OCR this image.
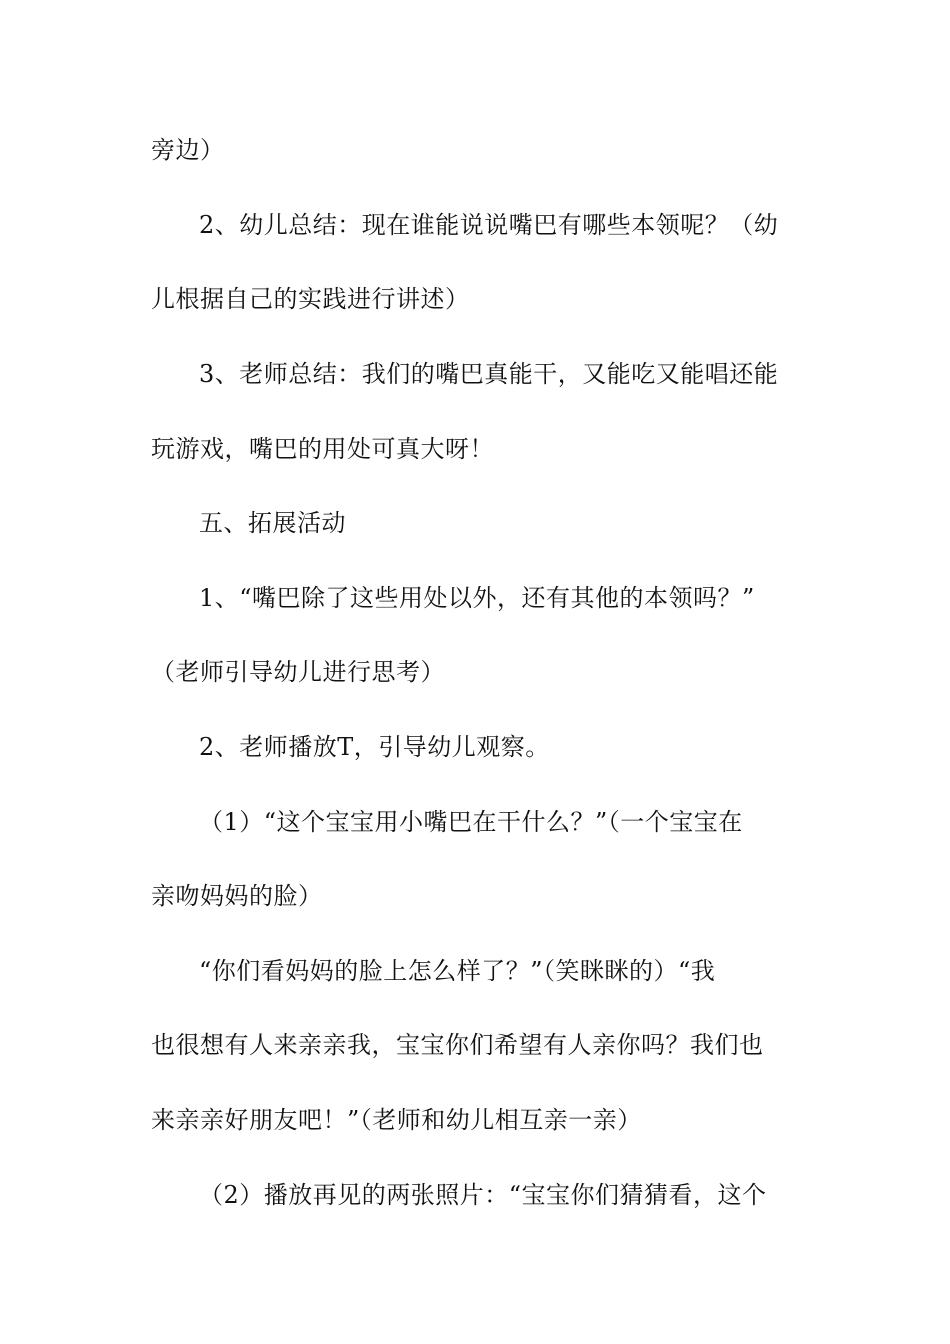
旁边）
2、幼儿总结：现在谁能说说嘴巴有哪些本领呢？（幼
儿根据自己的实践进行讲述）
3、老师总结：我们的嘴巴真能干，又能吃又能唱还能
玩游戏，嘴巴的用处可真大呀！
五、拓展活动
1、“嘴巴除了这些用处以外，还有其他的本领吗？”
（老师引导幼儿进行思考）
2、老师播放T，引导幼儿观察。
（1）“这个宝宝用小嘴巴在干什么？”（一个宝宝在
亲吻妈妈的脸）
“你们看妈妈的脸上怎么样了？”（笑眯眯的）“我
也很想有人来亲亲我，宝宝你们希望有人亲你吗？我们也
来亲亲好朋友吧！”（老师和幼儿相互亲一亲）
（2）播放再见的两张照片：“宝宝你们猜猜看，这个
